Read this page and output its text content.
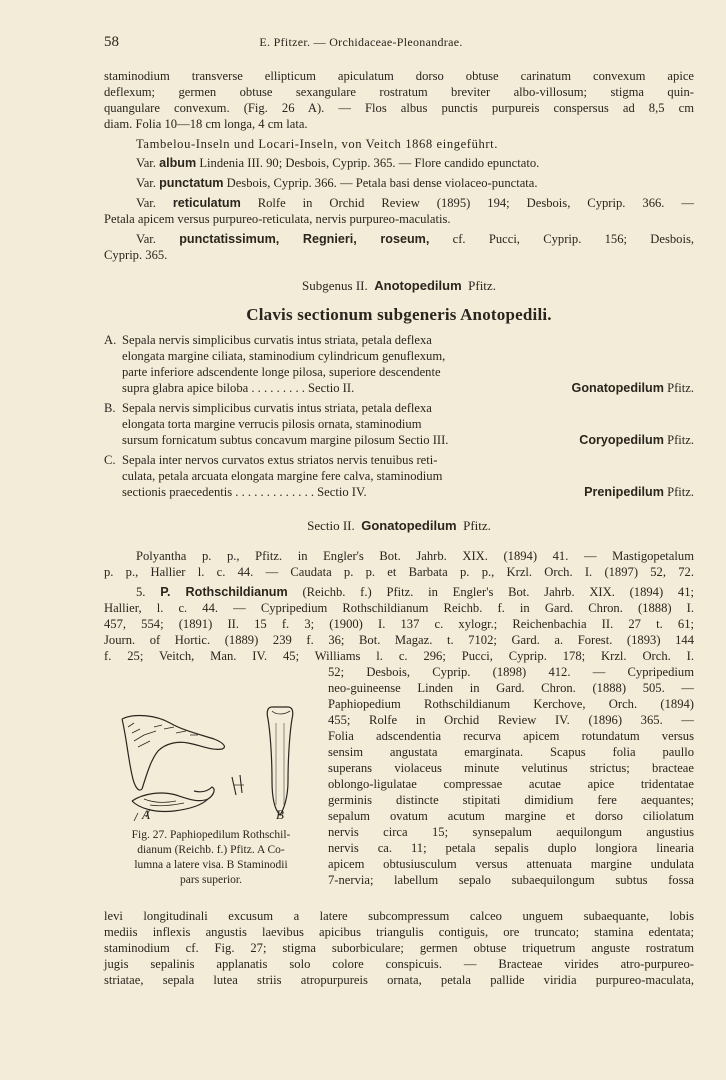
58	E. Pfitzer. — Orchidaceae-Pleonandrae.
staminodium transverse ellipticum apiculatum dorso obtuse carinatum convexum apice
deflexum; germen obtuse sexangulare rostratum breviter albo-villosum; stigma quin-
quangulare convexum. (Fig. 26 A). — Flos albus punctis purpureis conspersus ad 8,5 cm
diam. Folia 10—18 cm longa, 4 cm lata.
Tambelou-Inseln und Locari-Inseln, von Veitch 1868 eingeführt.
Var. album Lindenia III. 90; Desbois, Cyprip. 365. — Flore candido epunctato.
Var. punctatum Desbois, Cyprip. 366. — Petala basi dense violaceo-punctata.
Var. reticulatum Rolfe in Orchid Review (1895) 194; Desbois, Cyprip. 366. —
Petala apicem versus purpureo-reticulata, nervis purpureo-maculatis.
Var. punctatissimum, Regnieri, roseum, cf. Pucci, Cyprip. 156; Desbois,
Cyprip. 365.
Subgenus II. Anotopedilum Pfitz.
Clavis sectionum subgeneris Anotopedili.
A. Sepala nervis simplicibus curvatis intus striata, petala deflexa
elongata margine ciliata, staminodium cylindricum genuflexum,
parte inferiore adscendente longe pilosa, superiore descendente
supra glabra apice biloba . . . . . . . . . Sectio II.	Gonatopedilum Pfitz.
B. Sepala nervis simplicibus curvatis intus striata, petala deflexa
elongata torta margine verrucis pilosis ornata, staminodium
sursum fornicatum subtus concavum margine pilosum Sectio III.	Coryopedilum Pfitz.
C. Sepala inter nervos curvatos extus striatos nervis tenuibus reti-
culata, petala arcuata elongata margine fere calva, staminodium
sectionis praecedentis . . . . . . . . . . . . . Sectio IV.	Prenipedilum Pfitz.
Sectio II. Gonatopedilum Pfitz.
Polyantha p. p., Pfitz. in Engler's Bot. Jahrb. XIX. (1894) 41. — Mastigopetalum
p. p., Hallier l. c. 44. — Caudata p. p. et Barbata p. p., Krzl. Orch. I. (1897) 52, 72.
5. P. Rothschildianum (Reichb. f.) Pfitz. in Engler's Bot. Jahrb. XIX. (1894) 41;
Hallier, l. c. 44. — Cypripedium Rothschildianum Reichb. f. in Gard. Chron. (1888) I.
457, 554; (1891) II. 15 f. 3; (1900) I. 137 c. xylogr.; Reichenbachia II. 27 t. 61;
Journ. of Hortic. (1889) 239 f. 36; Bot. Magaz. t. 7102; Gard. a. Forest. (1893) 144
f. 25; Veitch, Man. IV. 45; Williams l. c. 296; Pucci, Cyprip. 178; Krzl. Orch. I.
52; Desbois, Cyprip. (1898) 412. — Cypripedium
neo-guineense Linden in Gard. Chron. (1888) 505. —
Paphiopedium Rothschildianum Kerchove, Orch. (1894)
455; Rolfe in Orchid Review IV. (1896) 365. —
Folia adscendentia recurva apicem rotundatum versus
sensim angustata emarginata. Scapus folia paullo
superans violaceus minute velutinus strictus; bracteae
oblongo-ligulatae compressae acutae apice tridentatae
germinis distincte stipitati dimidium fere aequantes;
sepalum ovatum acutum margine et dorso ciliolatum
nervis circa 15; synsepalum aequilongum angustius
nervis ca. 11; petala sepalis duplo longiora linearia
apicem obtusiusculum versus attenuata margine undulata
7-nervia; labellum sepalo subaequilongum subtus fossa
A	B
Fig. 27. Paphiopedilum Rothschil-
dianum (Reichb. f.) Pfitz. A Co-
lumna a latere visa. B Staminodii
pars superior.
levi longitudinali excusum a latere subcompressum calceo unguem subaequante, lobis
mediis inflexis angustis laevibus apicibus triangulis contiguis, ore truncato; stamina edentata;
staminodium cf. Fig. 27; stigma suborbiculare; germen obtuse triquetrum anguste rostratum
jugis sepalinis applanatis solo colore conspicuis. — Bracteae virides atro-purpureo-
striatae, sepala lutea striis atropurpureis ornata, petala pallide viridia purpureo-maculata,
